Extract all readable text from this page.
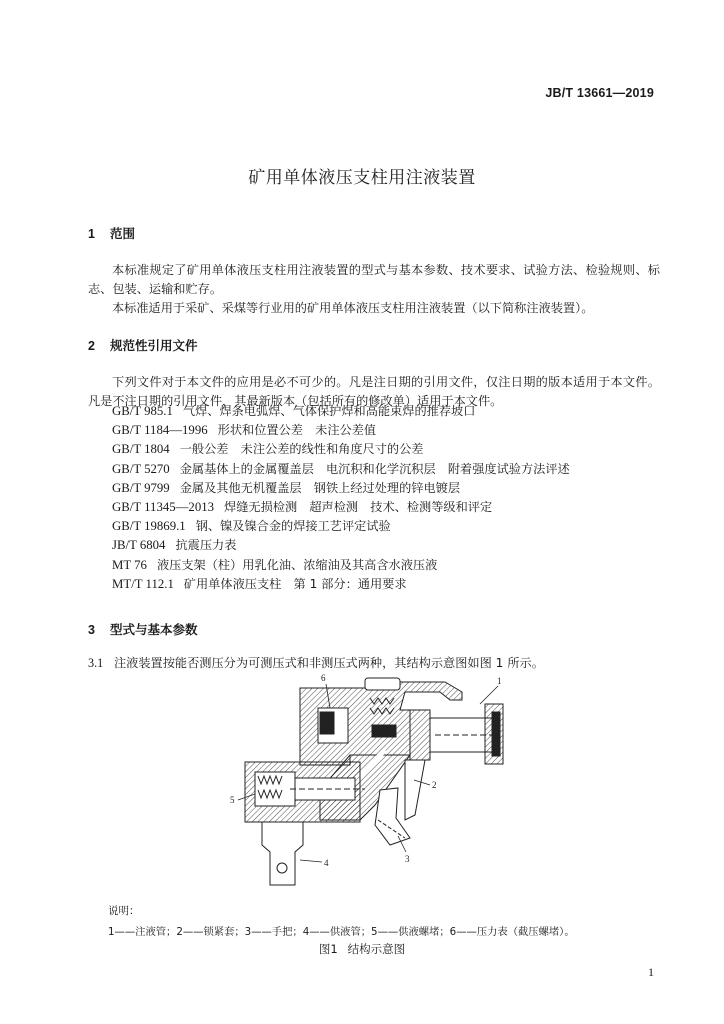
JB/T 13661—2019
矿用单体液压支柱用注液装置
1 范围

本标准规定了矿用单体液压支柱用注液装置的型式与基本参数、技术要求、试验方法、检验规则、标志、包装、运输和贮存。

本标准适用于采矿、采煤等行业用的矿用单体液压支柱用注液装置（以下简称注液装置）。

2 规范性引用文件

下列文件对于本文件的应用是必不可少的。凡是注日期的引用文件，仅注日期的版本适用于本文件。凡是不注日期的引用文件，其最新版本（包括所有的修改单）适用于本文件。

GB/T 985.1 气焊、焊条电弧焊、气体保护焊和高能束焊的推荐坡口
GB/T 1184—1996 形状和位置公差　未注公差值
GB/T 1804 一般公差　未注公差的线性和角度尺寸的公差
GB/T 5270 金属基体上的金属覆盖层　电沉积和化学沉积层　附着强度试验方法评述
GB/T 9799 金属及其他无机覆盖层　钢铁上经过处理的锌电镀层
GB/T 11345—2013 焊缝无损检测　超声检测　技术、检测等级和评定
GB/T 19869.1 钢、镍及镍合金的焊接工艺评定试验
JB/T 6804 抗震压力表
MT 76 液压支架（柱）用乳化油、浓缩油及其高含水液压液
MT/T 112.1 矿用单体液压支柱　第 1 部分：通用要求
3 型式与基本参数
3.1 注液装置按能否测压分为可测压式和非测压式两种，其结构示意图如图 1 所示。
6	1
2
3
4
5
说明：
1——注液管；2——锁紧套；3——手把；4——供液管；5——供液螺堵；6——压力表（截压螺堵）。
图1 结构示意图
1
